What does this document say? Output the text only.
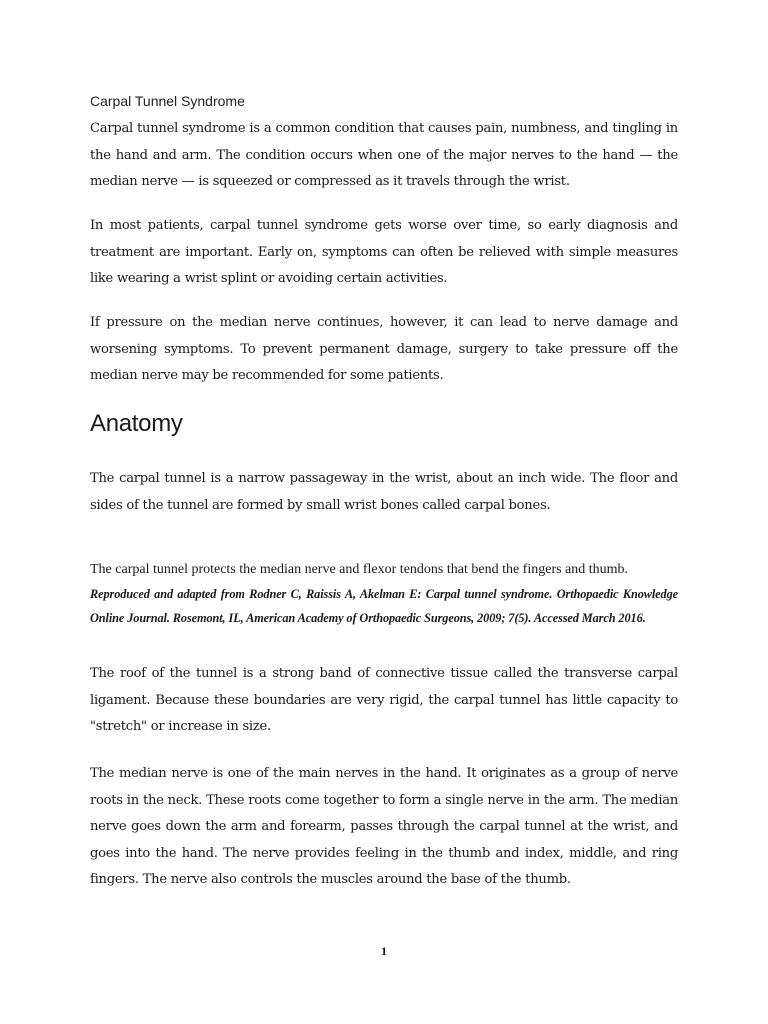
Carpal Tunnel Syndrome

Carpal tunnel syndrome is a common condition that causes pain, numbness, and tingling in the hand and arm. The condition occurs when one of the major nerves to the hand — the median nerve — is squeezed or compressed as it travels through the wrist.

In most patients, carpal tunnel syndrome gets worse over time, so early diagnosis and treatment are important. Early on, symptoms can often be relieved with simple measures like wearing a wrist splint or avoiding certain activities.

If pressure on the median nerve continues, however, it can lead to nerve damage and worsening symptoms. To prevent permanent damage, surgery to take pressure off the median nerve may be recommended for some patients.

Anatomy

The carpal tunnel is a narrow passageway in the wrist, about an inch wide. The floor and sides of the tunnel are formed by small wrist bones called carpal bones.

The carpal tunnel protects the median nerve and flexor tendons that bend the fingers and thumb.

Reproduced and adapted from Rodner C, Raissis A, Akelman E: Carpal tunnel syndrome. Orthopaedic Knowledge Online Journal. Rosemont, IL, American Academy of Orthopaedic Surgeons, 2009; 7(5). Accessed March 2016.

The roof of the tunnel is a strong band of connective tissue called the transverse carpal ligament. Because these boundaries are very rigid, the carpal tunnel has little capacity to "stretch" or increase in size.

The median nerve is one of the main nerves in the hand. It originates as a group of nerve roots in the neck. These roots come together to form a single nerve in the arm. The median nerve goes down the arm and forearm, passes through the carpal tunnel at the wrist, and goes into the hand. The nerve provides feeling in the thumb and index, middle, and ring fingers. The nerve also controls the muscles around the base of the thumb.

1
